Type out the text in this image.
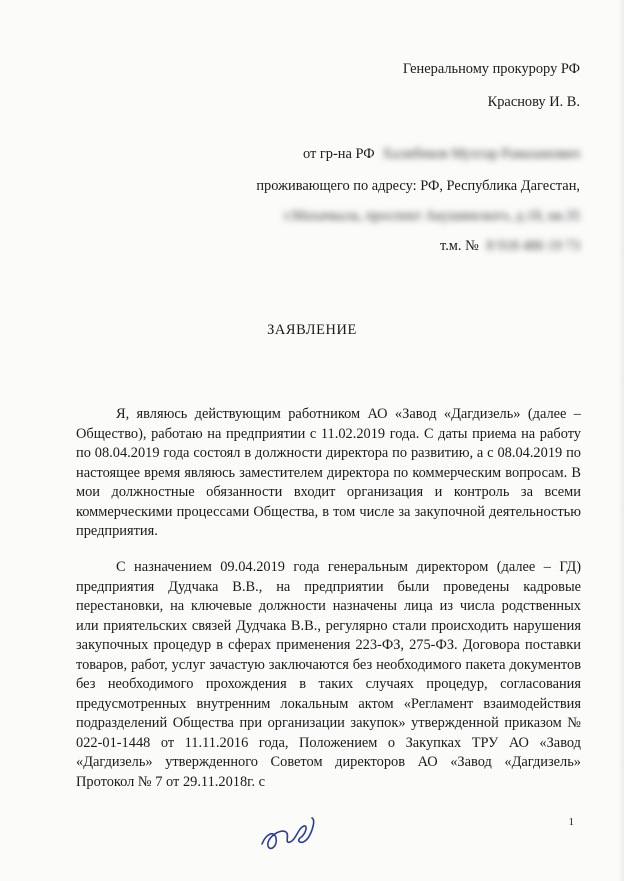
Генеральному прокурору РФ
Краснову И. В.
от гр-на РФ Халибеков Мухтар Рамазанович
проживающего по адресу: РФ, Республика Дагестан,
г.Махачкала, проспект Акушинского, д.18, кв.35
т.м. № 8 918 486 19 73
ЗАЯВЛЕНИЕ

Я, являюсь действующим работником АО «Завод «Дагдизель» (далее – Общество), работаю на предприятии с 11.02.2019 года. С даты приема на работу по 08.04.2019 года состоял в должности директора по развитию, а с 08.04.2019 по настоящее время являюсь заместителем директора по коммерческим вопросам. В мои должностные обязанности входит организация и контроль за всеми коммерческими процессами Общества, в том числе за закупочной деятельностью предприятия.

С назначением 09.04.2019 года генеральным директором (далее – ГД) предприятия Дудчака В.В., на предприятии были проведены кадровые перестановки, на ключевые должности назначены лица из числа родственных или приятельских связей Дудчака В.В., регулярно стали происходить нарушения закупочных процедур в сферах применения 223-ФЗ, 275-ФЗ. Договора поставки товаров, работ, услуг зачастую заключаются без необходимого пакета документов без необходимого прохождения в таких случаях процедур, согласования предусмотренных внутренним локальным актом «Регламент взаимодействия подразделений Общества при организации закупок» утвержденной приказом № 022-01-1448 от 11.11.2016 года, Положением о Закупках ТРУ АО «Завод «Дагдизель» утвержденного Советом директоров АО «Завод «Дагдизель» Протокол № 7 от 29.11.2018г. с

1
